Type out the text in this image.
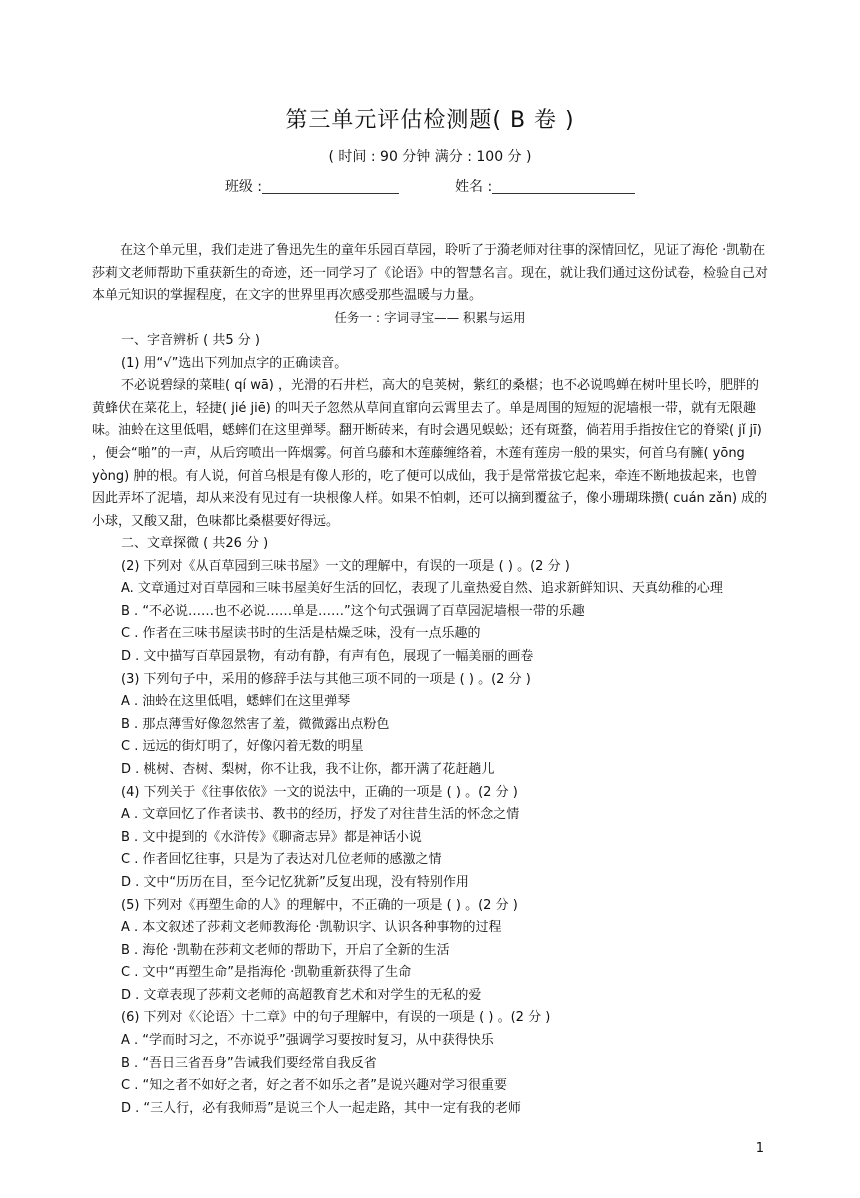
第三单元评估检测题( B 卷 )
( 时间 : 90 分钟 满分 : 100 分 )
班级 :	姓名 :

在这个单元里，我们走进了鲁迅先生的童年乐园百草园，聆听了于漪老师对往事的深情回忆，见证了海伦 ·凯勒在莎莉文老师帮助下重获新生的奇迹，还一同学习了《论语》中的智慧名言。现在，就让我们通过这份试卷，检验自己对本单元知识的掌握程度，在文字的世界里再次感受那些温暖与力量。

任务一 : 字词寻宝—— 积累与运用

一、字音辨析 ( 共5 分 )

(1) 用“√”选出下列加点字的正确读音。

不必说碧绿的菜畦( qí wā) ，光滑的石井栏，高大的皂荚树，紫红的桑椹；也不必说鸣蝉在树叶里长吟，肥胖的黄蜂伏在菜花上，轻捷( jié jiē) 的叫天子忽然从草间直窜向云霄里去了。单是周围的短短的泥墙根一带，就有无限趣味。油蛉在这里低唱，蟋蟀们在这里弹琴。翻开断砖来，有时会遇见蜈蚣；还有斑蝥，倘若用手指按住它的脊梁( jǐ jī) ，便会“啪”的一声，从后窍喷出一阵烟雾。何首乌藤和木莲藤缠络着，木莲有莲房一般的果实，何首乌有臃( yōng yòng) 肿的根。有人说，何首乌根是有像人形的，吃了便可以成仙，我于是常常拔它起来，牵连不断地拔起来，也曾因此弄坏了泥墙，却从来没有见过有一块根像人样。如果不怕刺，还可以摘到覆盆子，像小珊瑚珠攒( cuán zǎn) 成的小球，又酸又甜，色味都比桑椹要好得远。

二、文章探微 ( 共26 分 )

(2) 下列对《从百草园到三味书屋》一文的理解中，有误的一项是 ( ) 。(2 分 )

A. 文章通过对百草园和三味书屋美好生活的回忆，表现了儿童热爱自然、追求新鲜知识、天真幼稚的心理

B . “不必说……也不必说……单是……”这个句式强调了百草园泥墙根一带的乐趣

C . 作者在三味书屋读书时的生活是枯燥乏味，没有一点乐趣的

D . 文中描写百草园景物，有动有静，有声有色，展现了一幅美丽的画卷

(3) 下列句子中，采用的修辞手法与其他三项不同的一项是 ( ) 。(2 分 )

A . 油蛉在这里低唱，蟋蟀们在这里弹琴

B . 那点薄雪好像忽然害了羞，微微露出点粉色

C . 远远的街灯明了，好像闪着无数的明星

D . 桃树、杏树、梨树，你不让我，我不让你，都开满了花赶趟儿

(4) 下列关于《往事依依》一文的说法中，正确的一项是 ( ) 。(2 分 )

A . 文章回忆了作者读书、教书的经历，抒发了对往昔生活的怀念之情

B . 文中提到的《水浒传》《聊斋志异》都是神话小说

C . 作者回忆往事，只是为了表达对几位老师的感激之情

D . 文中“历历在目，至今记忆犹新”反复出现，没有特别作用

(5) 下列对《再塑生命的人》的理解中，不正确的一项是 ( ) 。(2 分 )

A . 本文叙述了莎莉文老师教海伦 ·凯勒识字、认识各种事物的过程

B . 海伦 ·凯勒在莎莉文老师的帮助下，开启了全新的生活

C . 文中“再塑生命”是指海伦 ·凯勒重新获得了生命

D . 文章表现了莎莉文老师的高超教育艺术和对学生的无私的爱

(6) 下列对《〈论语〉十二章》中的句子理解中，有误的一项是 ( ) 。(2 分 )

A . “学而时习之，不亦说乎”强调学习要按时复习，从中获得快乐

B . “吾日三省吾身”告诫我们要经常自我反省

C . “知之者不如好之者，好之者不如乐之者”是说兴趣对学习很重要

D . “三人行，必有我师焉”是说三个人一起走路，其中一定有我的老师

1
